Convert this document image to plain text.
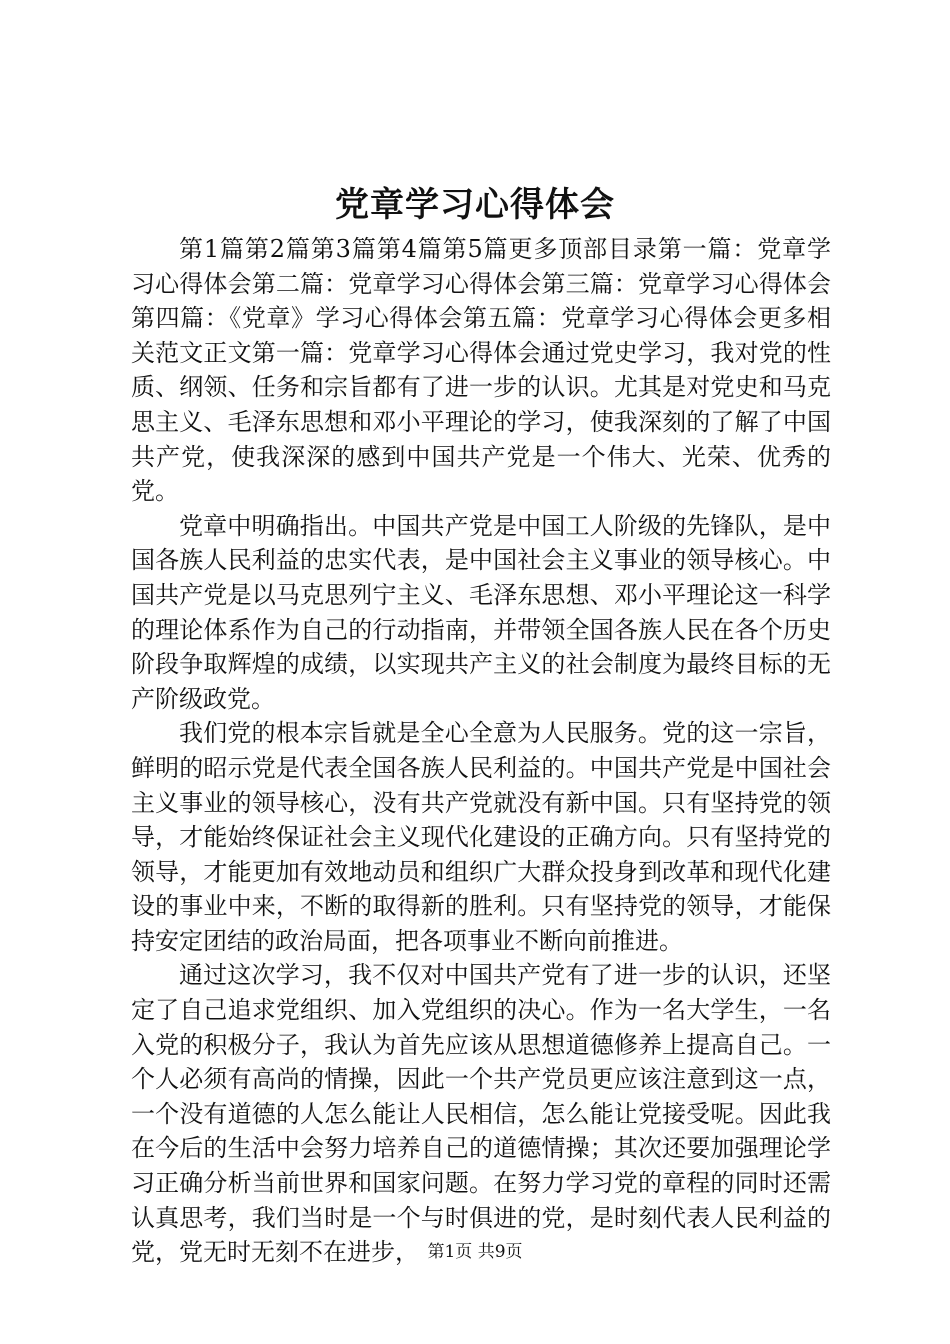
党章学习心得体会

第1篇第2篇第3篇第4篇第5篇更多顶部目录第一篇：党章学习心得体会第二篇：党章学习心得体会第三篇：党章学习心得体会第四篇：《党章》学习心得体会第五篇：党章学习心得体会更多相关范文正文第一篇：党章学习心得体会通过党史学习，我对党的性质、纲领、任务和宗旨都有了进一步的认识。尤其是对党史和马克思主义、毛泽东思想和邓小平理论的学习，使我深刻的了解了中国共产党，使我深深的感到中国共产党是一个伟大、光荣、优秀的党。

党章中明确指出。中国共产党是中国工人阶级的先锋队，是中国各族人民利益的忠实代表，是中国社会主义事业的领导核心。中国共产党是以马克思列宁主义、毛泽东思想、邓小平理论这一科学的理论体系作为自己的行动指南，并带领全国各族人民在各个历史阶段争取辉煌的成绩，以实现共产主义的社会制度为最终目标的无产阶级政党。

我们党的根本宗旨就是全心全意为人民服务。党的这一宗旨，鲜明的昭示党是代表全国各族人民利益的。中国共产党是中国社会主义事业的领导核心，没有共产党就没有新中国。只有坚持党的领导，才能始终保证社会主义现代化建设的正确方向。只有坚持党的领导，才能更加有效地动员和组织广大群众投身到改革和现代化建设的事业中来，不断的取得新的胜利。只有坚持党的领导，才能保持安定团结的政治局面，把各项事业不断向前推进。

通过这次学习，我不仅对中国共产党有了进一步的认识，还坚定了自己追求党组织、加入党组织的决心。作为一名大学生，一名入党的积极分子，我认为首先应该从思想道德修养上提高自己。一个人必须有高尚的情操，因此一个共产党员更应该注意到这一点，一个没有道德的人怎么能让人民相信，怎么能让党接受呢。因此我在今后的生活中会努力培养自己的道德情操；其次还要加强理论学习正确分析当前世界和国家问题。在努力学习党的章程的同时还需认真思考，我们当时是一个与时俱进的党，是时刻代表人民利益的党，党无时无刻不在进步， 第1页 共9页
